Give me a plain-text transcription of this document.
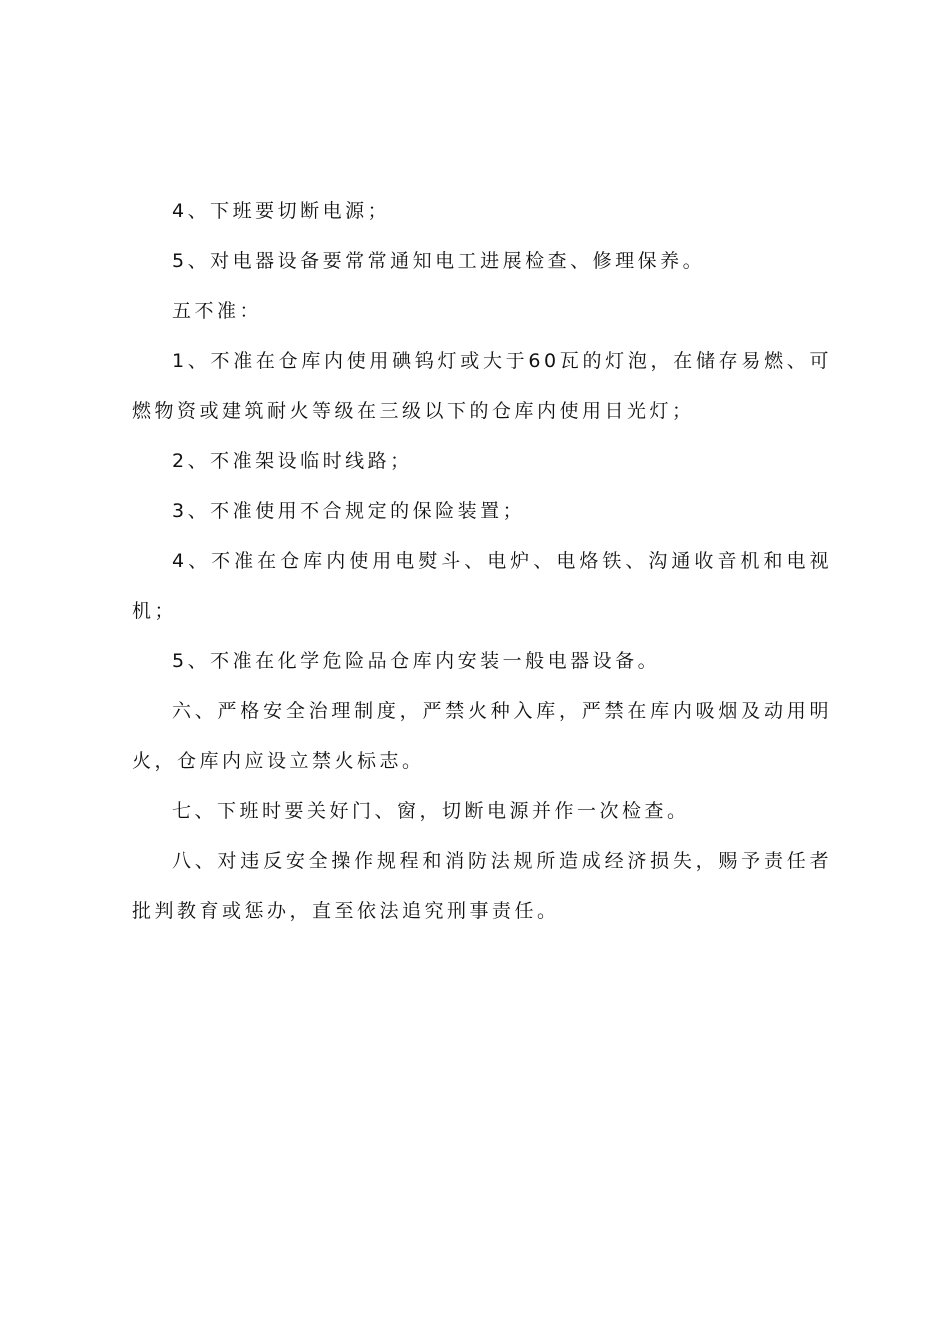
4、下班要切断电源；

5、对电器设备要常常通知电工进展检查、修理保养。

五不准：

1、不准在仓库内使用碘钨灯或大于60瓦的灯泡，在储存易燃、可燃物资或建筑耐火等级在三级以下的仓库内使用日光灯；

2、不准架设临时线路；

3、不准使用不合规定的保险装置；

4、不准在仓库内使用电熨斗、电炉、电烙铁、沟通收音机和电视机；

5、不准在化学危险品仓库内安装一般电器设备。

六、严格安全治理制度，严禁火种入库，严禁在库内吸烟及动用明火，仓库内应设立禁火标志。

七、下班时要关好门、窗，切断电源并作一次检查。

八、对违反安全操作规程和消防法规所造成经济损失，赐予责任者批判教育或惩办，直至依法追究刑事责任。
